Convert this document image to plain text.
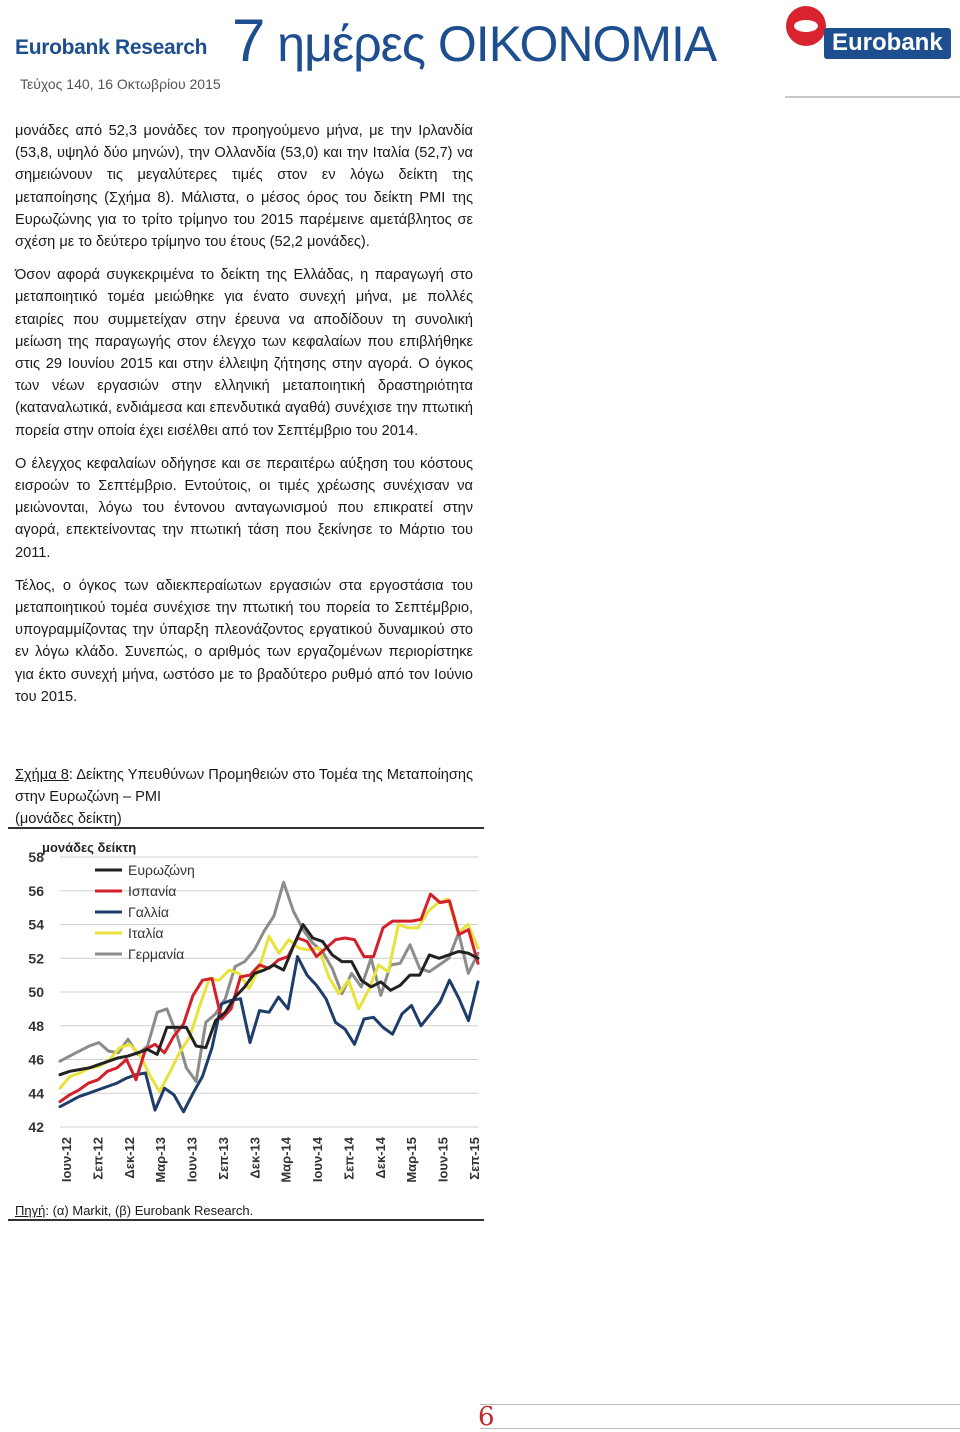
Eurobank Research
Τεύχος 140, 16 Οκτωβρίου 2015
7 ημέρες ΟΙΚΟΝΟΜΙΑ	Eurobank

μονάδες από 52,3 μονάδες τον προηγούμενο μήνα, με την Ιρλανδία (53,8, υψηλό δύο μηνών), την Ολλανδία (53,0) και την Ιταλία (52,7) να σημειώνουν τις μεγαλύτερες τιμές στον εν λόγω δείκτη της μεταποίησης (Σχήμα 8). Μάλιστα, ο μέσος όρος του δείκτη PMI της Ευρωζώνης για το τρίτο τρίμηνο του 2015 παρέμεινε αμετάβλητος σε σχέση με το δεύτερο τρίμηνο του έτους (52,2 μονάδες).

Όσον αφορά συγκεκριμένα το δείκτη της Ελλάδας, η παραγωγή στο μεταποιητικό τομέα μειώθηκε για ένατο συνεχή μήνα, με πολλές εταιρίες που συμμετείχαν στην έρευνα να αποδίδουν τη συνολική μείωση της παραγωγής στον έλεγχο των κεφαλαίων που επιβλήθηκε στις 29 Ιουνίου 2015 και στην έλλειψη ζήτησης στην αγορά. Ο όγκος των νέων εργασιών στην ελληνική μεταποιητική δραστηριότητα (καταναλωτικά, ενδιάμεσα και επενδυτικά αγαθά) συνέχισε την πτωτική πορεία στην οποία έχει εισέλθει από τον Σεπτέμβριο του 2014.

Ο έλεγχος κεφαλαίων οδήγησε και σε περαιτέρω αύξηση του κόστους εισροών το Σεπτέμβριο. Εντούτοις, οι τιμές χρέωσης συνέχισαν να μειώνονται, λόγω του έντονου ανταγωνισμού που επικρατεί στην αγορά, επεκτείνοντας την πτωτική τάση που ξεκίνησε το Μάρτιο του 2011.

Τέλος, ο όγκος των αδιεκπεραίωτων εργασιών στα εργοστάσια του μεταποιητικού τομέα συνέχισε την πτωτική του πορεία το Σεπτέμβριο, υπογραμμίζοντας την ύπαρξη πλεονάζοντος εργατικού δυναμικού στο εν λόγω κλάδο. Συνεπώς, ο αριθμός των εργαζομένων περιορίστηκε για έκτο συνεχή μήνα, ωστόσο με το βραδύτερο ρυθμό από τον Ιούνιο του 2015.

Σχήμα 8: Δείκτης Υπευθύνων Προμηθειών στο Τομέα της Μεταποίησης στην Ευρωζώνη – PMI

(μονάδες δείκτη)

42
44
46
48
50
52
54
56
58
μονάδες δείκτη
Ιουν-12 Σεπ-12 Δεκ-12 Μαρ-13 Ιουν-13 Σεπ-13 Δεκ-13 Μαρ-14 Ιουν-14 Σεπ-14 Δεκ-14 Μαρ-15 Ιουν-15 Σεπ-15
Ευρωζώνη
Ισπανία
Γαλλία
Ιταλία
Γερμανία
Πηγή: (α) Markit, (β) Eurobank Research.
6
